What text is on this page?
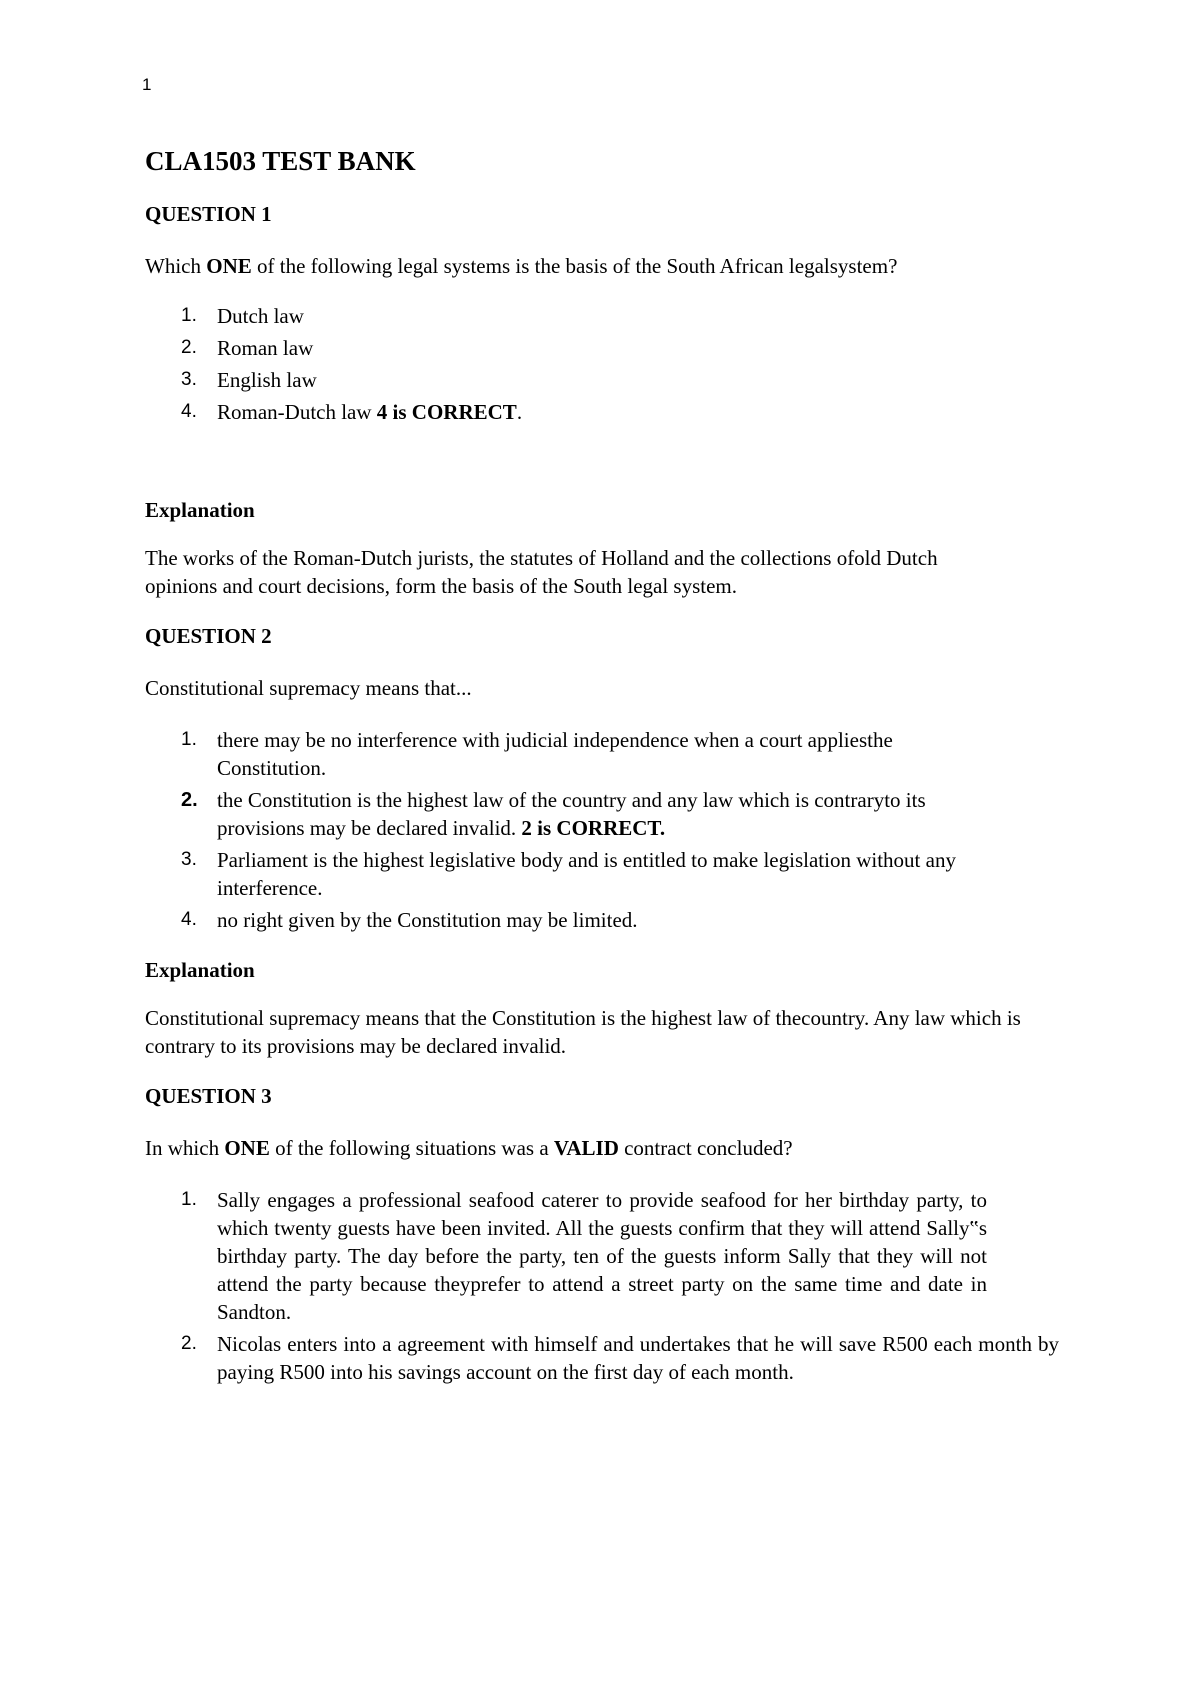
1
CLA1503 TEST BANK
QUESTION 1

Which ONE of the following legal systems is the basis of the South African legalsystem?

1. Dutch law
2. Roman law
3. English law
4. Roman-Dutch law 4 is CORRECT.
Explanation

The works of the Roman-Dutch jurists, the statutes of Holland and the collections ofold Dutch opinions and court decisions, form the basis of the South legal system.

QUESTION 2

Constitutional supremacy means that...

1. there may be no interference with judicial independence when a court appliesthe Constitution.
2. the Constitution is the highest law of the country and any law which is contraryto its provisions may be declared invalid. 2 is CORRECT.
3. Parliament is the highest legislative body and is entitled to make legislation without any interference.
4. no right given by the Constitution may be limited.
Explanation

Constitutional supremacy means that the Constitution is the highest law of thecountry. Any law which is contrary to its provisions may be declared invalid.

QUESTION 3

In which ONE of the following situations was a VALID contract concluded?

1. Sally engages a professional seafood caterer to provide seafood for her birthday party, to which twenty guests have been invited. All the guests confirm that they will attend Sally‟s birthday party. The day before the party, ten of the guests inform Sally that they will not attend the party because theyprefer to attend a street party on the same time and date in Sandton.
2. Nicolas enters into a agreement with himself and undertakes that he will save R500 each month by paying R500 into his savings account on the first day of each month.
